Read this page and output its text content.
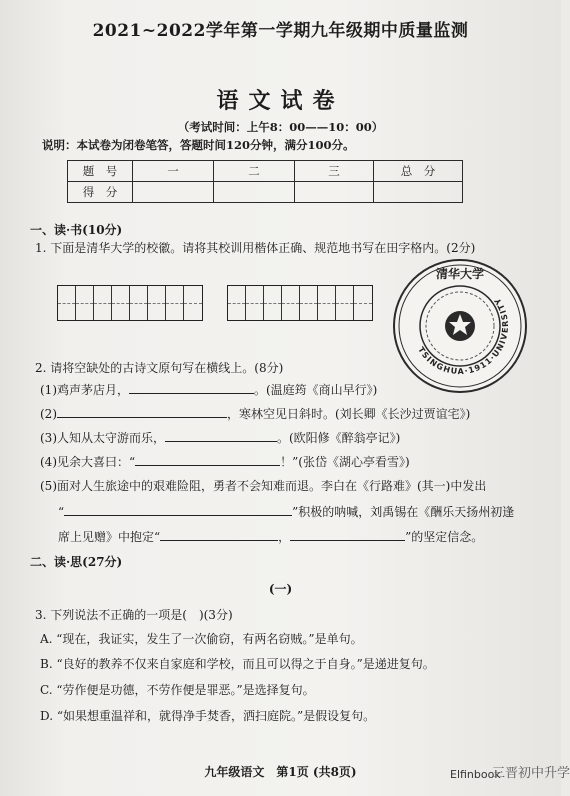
2021~2022学年第一学期九年级期中质量监测
语文试卷
（考试时间：上午8：00——10：00）
说明：本试卷为闭卷笔答，答题时间120分钟，满分100分。
题　号	一	二	三	总　分
得　分				
一、读·书(10分)
1. 下面是清华大学的校徽。请将其校训用楷体正确、规范地书写在田字格内。(2分)
TSINGHUA·1911·UNIVERSITY
清华大学
2. 请将空缺处的古诗文原句写在横线上。(8分)
(1)鸡声茅店月，	。(温庭筠《商山早行》)
(2)	，寒林空见日斜时。(刘长卿《长沙过贾谊宅》)
(3)人知从太守游而乐，	。(欧阳修《醉翁亭记》)
(4)见余大喜曰：“	！”(张岱《湖心亭看雪》)
(5)面对人生旅途中的艰难险阻，勇者不会知难而退。李白在《行路难》(其一)中发出
“	”积极的呐喊，刘禹锡在《酬乐天扬州初逢
席上见赠》中抱定“	，	”的坚定信念。
二、读·思(27分)
(一)
3. 下列说法不正确的一项是(　)(3分)
A. “现在，我证实，发生了一次偷窃，有两名窃贼。”是单句。
B. “良好的教养不仅来自家庭和学校，而且可以得之于自身。”是递进复句。
C. “劳作便是功德，不劳作便是罪恶。”是选择复句。
D. “如果想重温祥和，就得净手焚香，洒扫庭院。”是假设复句。
九年级语文　第1页 (共8页)	Elfinbook
三晋初中升学
